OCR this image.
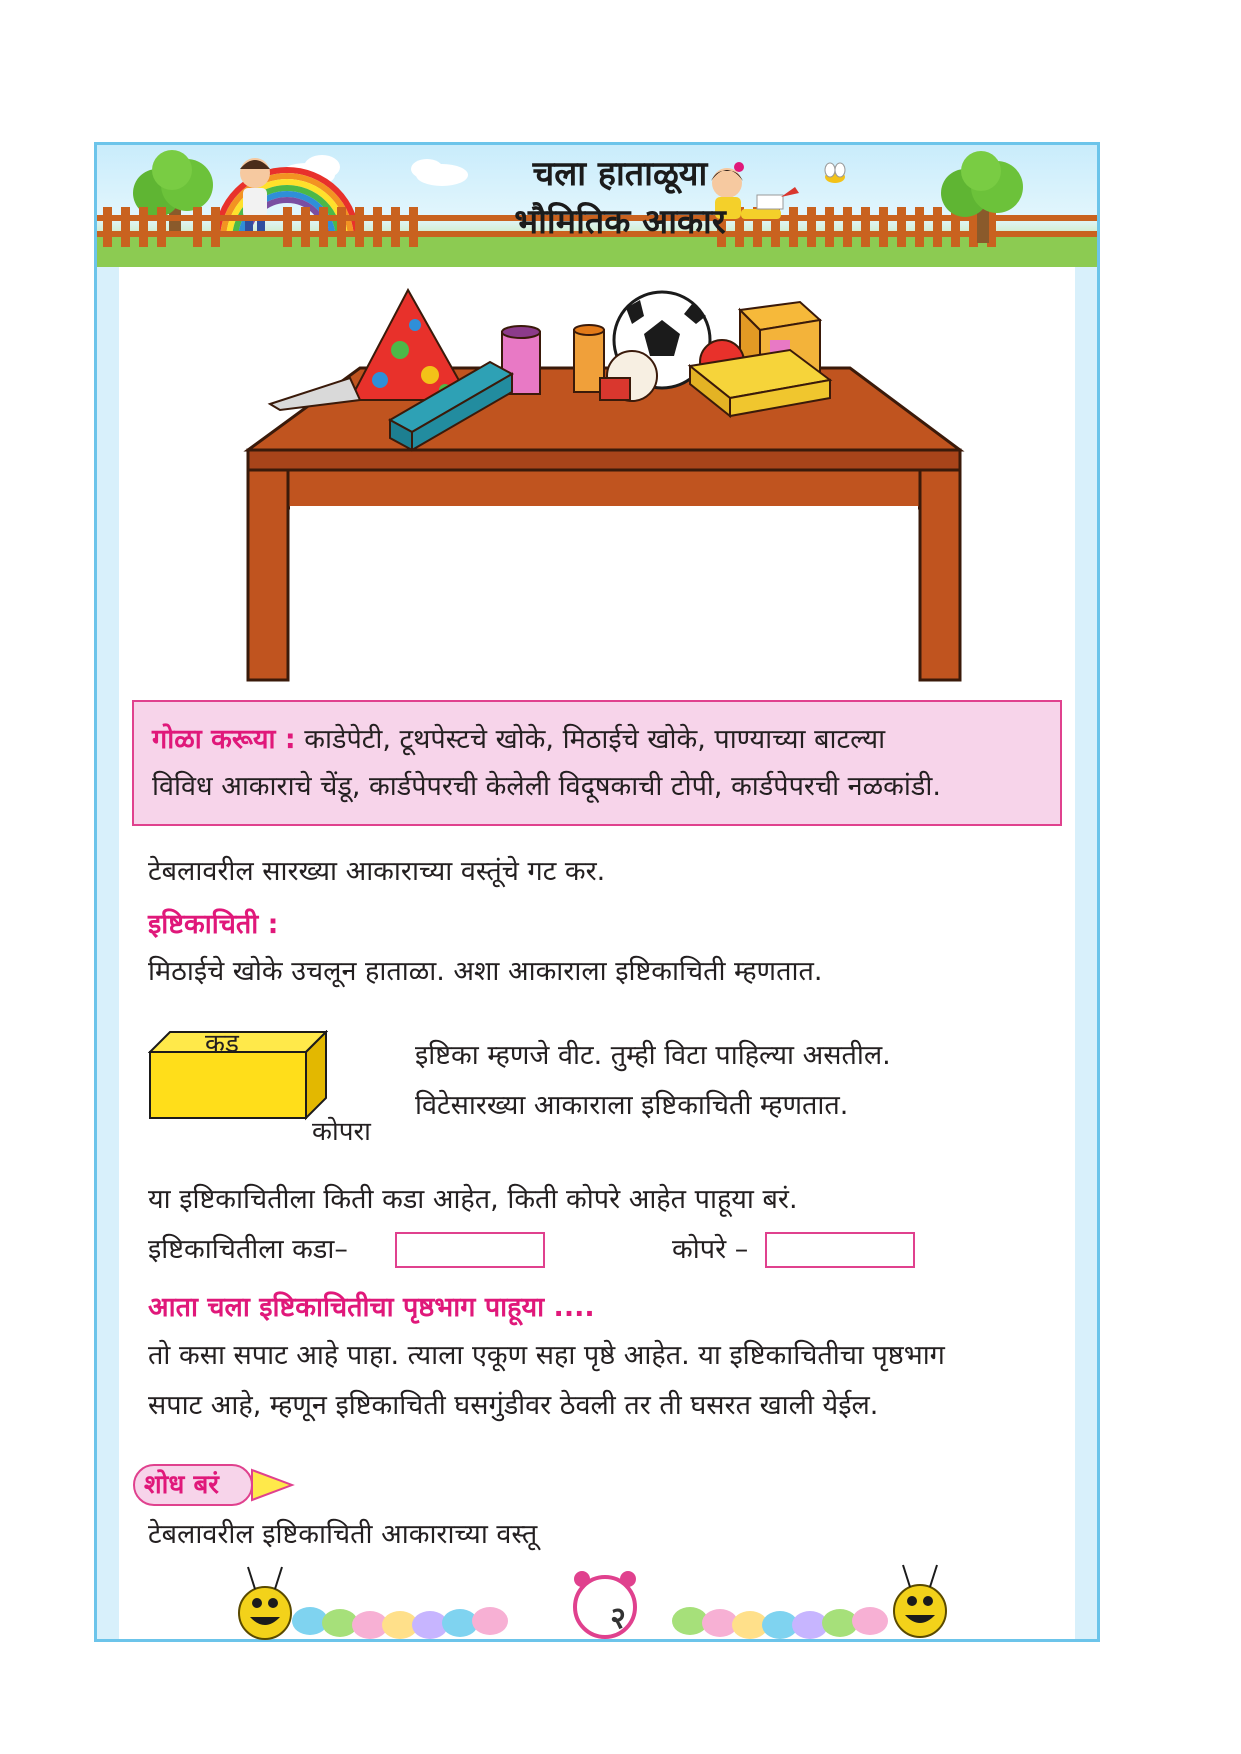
चला हाताळूया
भौमितिक आकार
गोळा करूया : काडेपेटी, टूथपेस्टचे खोके, मिठाईचे खोके, पाण्याच्या बाटल्या
विविध आकाराचे चेंडू, कार्डपेपरची केलेली विदूषकाची टोपी, कार्डपेपरची नळकांडी.
टेबलावरील सारख्या आकाराच्या वस्तूंचे गट कर.
इष्टिकाचिती :
मिठाईचे खोके उचलून हाताळा. अशा आकाराला इष्टिकाचिती म्हणतात.
कड
कोपरा
इष्टिका म्हणजे वीट. तुम्ही विटा पाहिल्या असतील.
विटेसारख्या आकाराला इष्टिकाचिती म्हणतात.
या इष्टिकाचितीला किती कडा आहेत, किती कोपरे आहेत पाहूया बरं.
इष्टिकाचितीला कडा–	कोपरे –
आता चला इष्टिकाचितीचा पृष्ठभाग पाहूया ....
तो कसा सपाट आहे पाहा. त्याला एकूण सहा पृष्ठे आहेत. या इष्टिकाचितीचा पृष्ठभाग
सपाट आहे, म्हणून इष्टिकाचिती घसगुंडीवर ठेवली तर ती घसरत खाली येईल.
शोध बरं
टेबलावरील इष्टिकाचिती आकाराच्या वस्तू
२
